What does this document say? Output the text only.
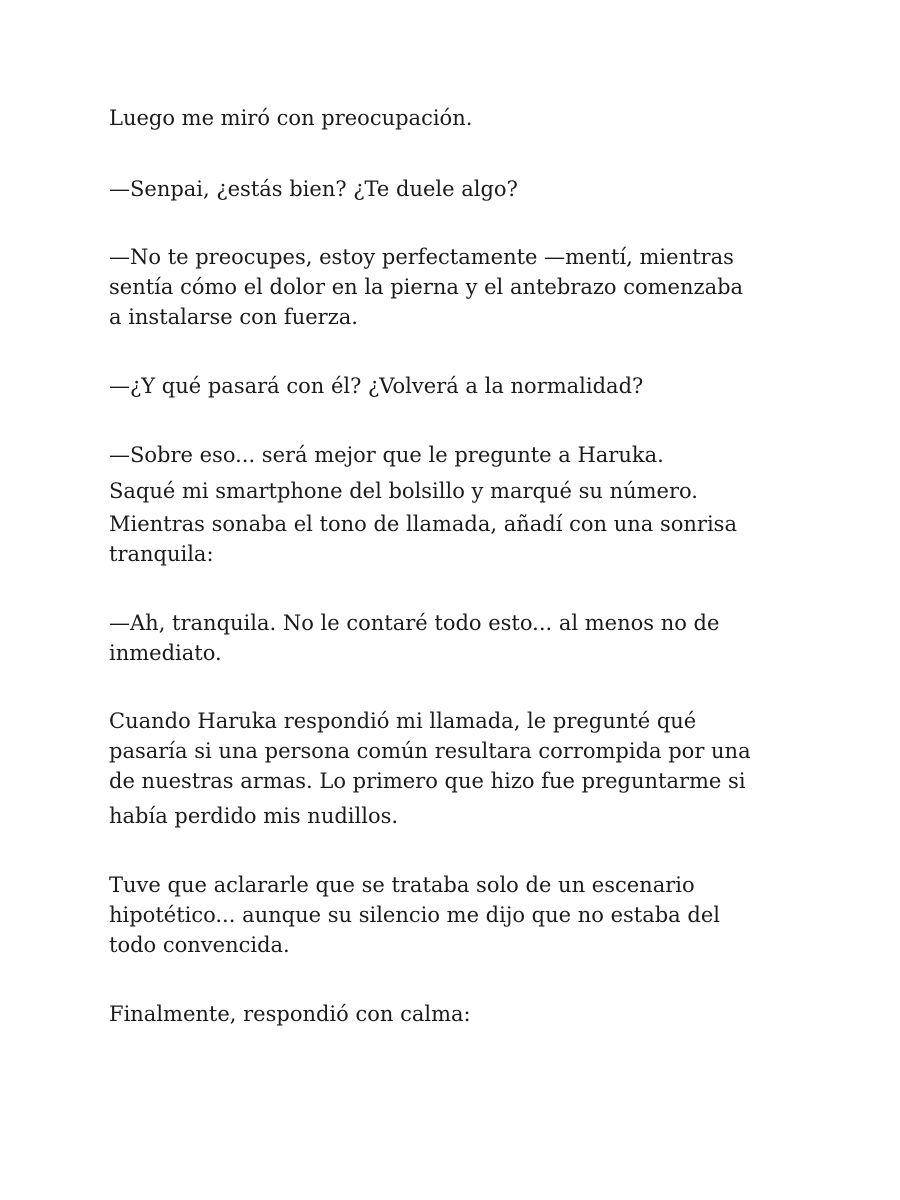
Luego me miró con preocupación.

—Senpai, ¿estás bien? ¿Te duele algo?

—No te preocupes, estoy perfectamente —mentí, mientras

sentía cómo el dolor en la pierna y el antebrazo comenzaba

a instalarse con fuerza.

—¿Y qué pasará con él? ¿Volverá a la normalidad?

—Sobre eso... será mejor que le pregunte a Haruka.

Saqué mi smartphone del bolsillo y marqué su número.

Mientras sonaba el tono de llamada, añadí con una sonrisa

tranquila:

—Ah, tranquila. No le contaré todo esto... al menos no de

inmediato.

Cuando Haruka respondió mi llamada, le pregunté qué

pasaría si una persona común resultara corrompida por una

de nuestras armas. Lo primero que hizo fue preguntarme si

había perdido mis nudillos.

Tuve que aclararle que se trataba solo de un escenario

hipotético... aunque su silencio me dijo que no estaba del

todo convencida.

Finalmente, respondió con calma:
